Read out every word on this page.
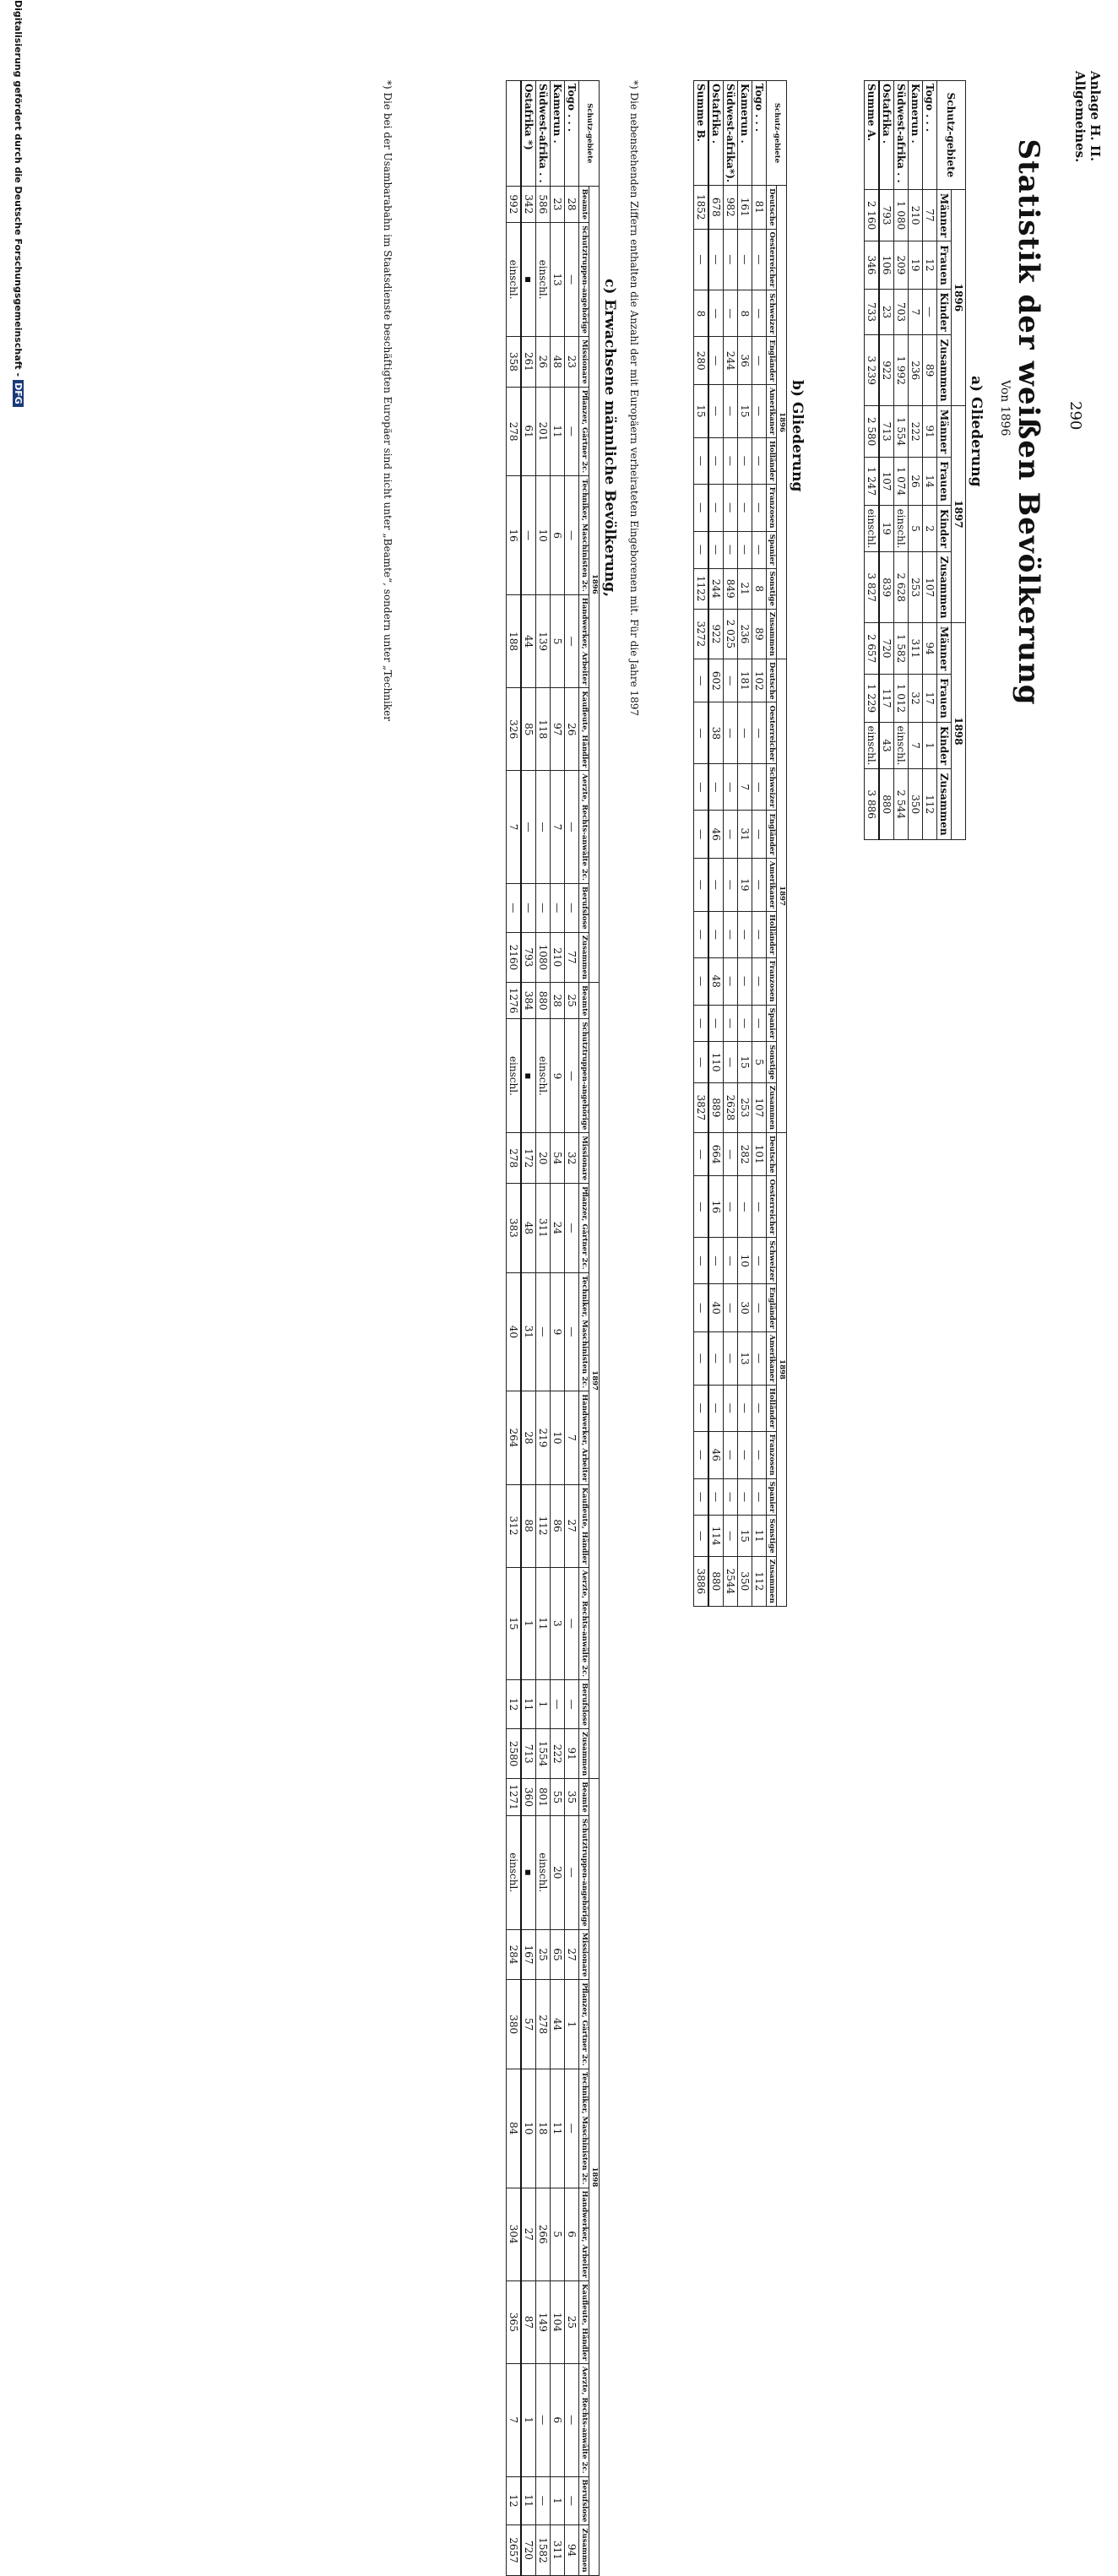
Anlage H. II.
Allgemeines.
290
Statistik der weißen Bevölkerung
Von 1896
a) Gliederung
Schutz-gebiete	1896				1897				1898			
	Männer	Frauen	Kinder	Zusammen	Männer	Frauen	Kinder	Zusammen	Männer	Frauen	Kinder	Zusammen
Togo . . .	77	12	—	89	91	14	2	107	94	17	1	112
Kamerun .	210	19	7	236	222	26	5	253	311	32	7	350
Südwest-afrika . .	1 080	209	703	1 992	1 554	1 074	einschl.	2 628	1 582	1 012	einschl.	2 544
Ostafrika .	793	106	23	922	713	107	19	839	720	117	43	880
Summe A.	2 160	346	733	3 239	2 580	1 247	einschl.	3 827	2 657	1 229	einschl.	3 886
b) Gliederung
Schutz-gebiete	1896										1897										1898									
	Deutsche	Oesterreicher	Schweizer	Engländer	Amerikaner	Holländer	Franzosen	Spanier	Sonstige	Zusammen	Deutsche	Oesterreicher	Schweizer	Engländer	Amerikaner	Holländer	Franzosen	Spanier	Sonstige	Zusammen	Deutsche	Oesterreicher	Schweizer	Engländer	Amerikaner	Holländer	Franzosen	Spanier	Sonstige	Zusammen
Togo . . .	81	—	—	—	—	—	—	—	8	89	102	—	—	—	—	—	—	—	5	107	101	—	—	—	—	—	—	—	11	112
Kamerun .	161	—	8	36	15	—	—	—	21	236	181	—	7	31	19	—	—	—	15	253	282	—	10	30	13	—	—	—	15	350
Südwest-afrika*).	982	—	—	244	—	—	—	—	849	2 025	—	—	—	—	—	—	—	—	—	2628	—	—	—	—	—	—	—	—	—	2544
Ostafrika .	678	—	—	—	—	—	—	—	244	922	602	38	—	46	—	—	48	—	110	889	664	16	—	40	—	—	46	—	114	880
Summe B.	1852	—	8	280	15	—	—	—	1122	3272	—	—	—	—	—	—	—	—	—	3827	—	—	—	—	—	—	—	—	—	3886
*) Die nebenstehenden Ziffern enthalten die Anzahl der mit Europäern verheirateten Eingeborenen mit. Für die Jahre 1897
c) Erwachsene männliche Bevölkerung,
Schutz-gebiete	1896										1897										1898									
	Beamte	Schutztruppen-angehörige	Missionare	Pflanzer, Gärtner 2c.	Techniker, Maschinisten 2c.	Handwerker, Arbeiter	Kaufleute, Händler	Aerzte, Rechts-anwälte 2c.	Berufslose	Zusammen	Beamte	Schutztruppen-angehörige	Missionare	Pflanzer, Gärtner 2c.	Techniker, Maschinisten 2c.	Handwerker, Arbeiter	Kaufleute, Händler	Aerzte, Rechts-anwälte 2c.	Berufslose	Zusammen	Beamte	Schutztruppen-angehörige	Missionare	Pflanzer, Gärtner 2c.	Techniker, Maschinisten 2c.	Handwerker, Arbeiter	Kaufleute, Händler	Aerzte, Rechts-anwälte 2c.	Berufslose	Zusammen
Togo . . .	28	—	23	—	—	—	26	—	—	77	25	—	32	—	—	7	27	—	—	91	35	—	27	1	—	6	25	—	—	94
Kamerun .	23	13	48	11	6	5	97	7	—	210	28	9	54	24	9	10	86	3	—	222	55	20	65	44	11	5	104	6	1	311
Südwest-afrika . .	586	einschl.	26	201	10	139	118	—	—	1080	880	einschl.	20	311	—	219	112	11	1	1554	801	einschl.	25	278	18	266	149	—	—	1582
Ostafrika *)	342	▪	261	61	—	44	85	—	—	793	384	▪	172	48	31	28	88	1	11	713	360	▪	167	57	10	27	87	1	11	720
	992	einschl.	358	278	16	188	326	7	—	2160	1276	einschl.	278	383	40	264	312	15	12	2580	1271	einschl.	284	380	84	304	365	7	12	2657
*) Die bei der Usambarabahn im Staatsdienste beschäftigten Europäer sind nicht unter „Beamte“, sondern unter „Techniker
Digitalisierung gefördert durch die Deutsche Forschungsgemeinschaft -DFG
